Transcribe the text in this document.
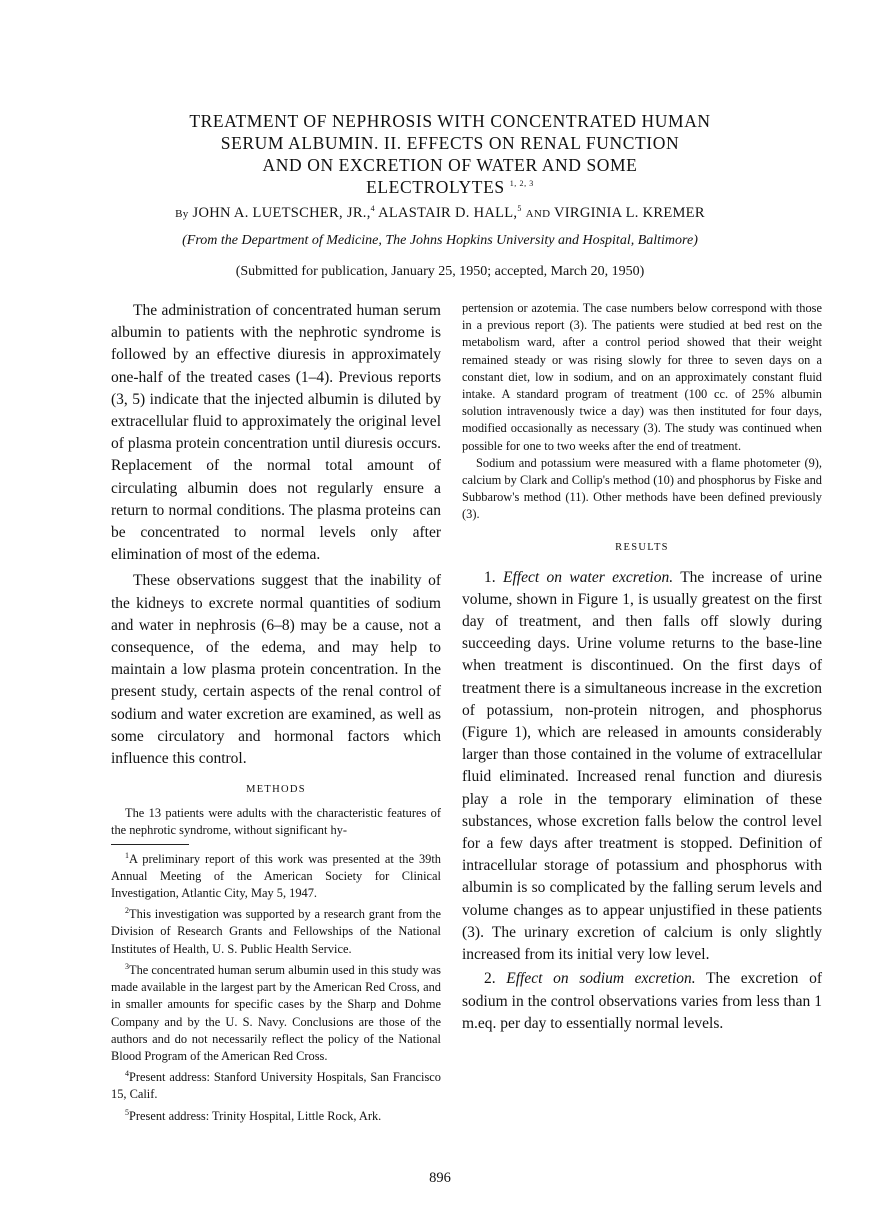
TREATMENT OF NEPHROSIS WITH CONCENTRATED HUMAN
SERUM ALBUMIN. II. EFFECTS ON RENAL FUNCTION
AND ON EXCRETION OF WATER AND SOME
ELECTROLYTES $^{1, 2, 3}$
By JOHN A. LUETSCHER, JR.,$^4$ ALASTAIR D. HALL,$^5$ AND VIRGINIA L. KREMER
(From the Department of Medicine, The Johns Hopkins University and Hospital, Baltimore)
(Submitted for publication, January 25, 1950; accepted, March 20, 1950)

The administration of concentrated human serum albumin to patients with the nephrotic syndrome is followed by an effective diuresis in approximately one-half of the treated cases (1–4). Previous reports (3, 5) indicate that the injected albumin is diluted by extracellular fluid to approximately the original level of plasma protein concentration until diuresis occurs. Replacement of the normal total amount of circulating albumin does not regularly ensure a return to normal conditions. The plasma proteins can be concentrated to normal levels only after elimination of most of the edema.

These observations suggest that the inability of the kidneys to excrete normal quantities of sodium and water in nephrosis (6–8) may be a cause, not a consequence, of the edema, and may help to maintain a low plasma protein concentration. In the present study, certain aspects of the renal control of sodium and water excretion are examined, as well as some circulatory and hormonal factors which influence this control.

METHODS

The 13 patients were adults with the characteristic features of the nephrotic syndrome, without significant hy-

$^1$A preliminary report of this work was presented at the 39th Annual Meeting of the American Society for Clinical Investigation, Atlantic City, May 5, 1947.

$^2$This investigation was supported by a research grant from the Division of Research Grants and Fellowships of the National Institutes of Health, U. S. Public Health Service.

$^3$The concentrated human serum albumin used in this study was made available in the largest part by the American Red Cross, and in smaller amounts for specific cases by the Sharp and Dohme Company and by the U. S. Navy. Conclusions are those of the authors and do not necessarily reflect the policy of the National Blood Program of the American Red Cross.

$^4$Present address: Stanford University Hospitals, San Francisco 15, Calif.

$^5$Present address: Trinity Hospital, Little Rock, Ark.

pertension or azotemia. The case numbers below correspond with those in a previous report (3). The patients were studied at bed rest on the metabolism ward, after a control period showed that their weight remained steady or was rising slowly for three to seven days on a constant diet, low in sodium, and on an approximately constant fluid intake. A standard program of treatment (100 cc. of 25% albumin solution intravenously twice a day) was then instituted for four days, modified occasionally as necessary (3). The study was continued when possible for one to two weeks after the end of treatment.

Sodium and potassium were measured with a flame photometer (9), calcium by Clark and Collip's method (10) and phosphorus by Fiske and Subbarow's method (11). Other methods have been defined previously (3).

RESULTS

1. Effect on water excretion. The increase of urine volume, shown in Figure 1, is usually greatest on the first day of treatment, and then falls off slowly during succeeding days. Urine volume returns to the base-line when treatment is discontinued. On the first days of treatment there is a simultaneous increase in the excretion of potassium, non-protein nitrogen, and phosphorus (Figure 1), which are released in amounts considerably larger than those contained in the volume of extracellular fluid eliminated. Increased renal function and diuresis play a role in the temporary elimination of these substances, whose excretion falls below the control level for a few days after treatment is stopped. Definition of intracellular storage of potassium and phosphorus with albumin is so complicated by the falling serum levels and volume changes as to appear unjustified in these patients (3). The urinary excretion of calcium is only slightly increased from its initial very low level.

2. Effect on sodium excretion. The excretion of sodium in the control observations varies from less than 1 m.eq. per day to essentially normal levels.

896
